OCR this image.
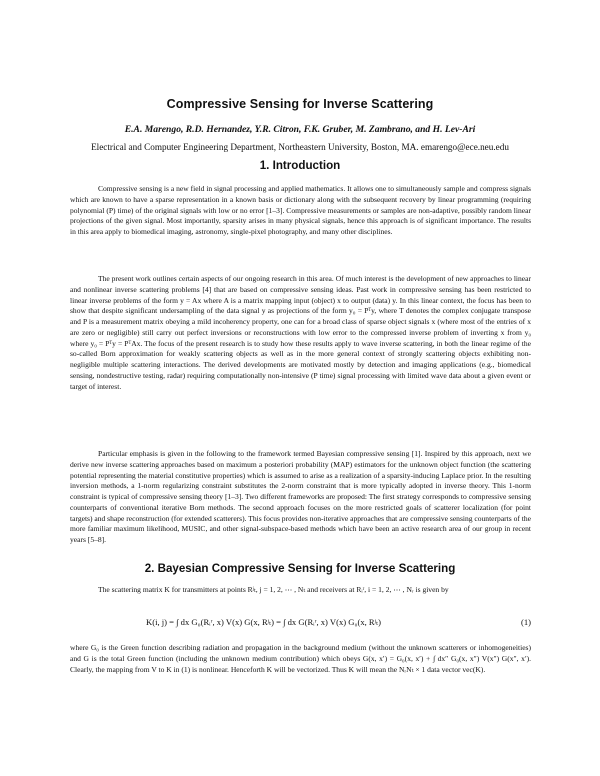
Compressive Sensing for Inverse Scattering
E.A. Marengo, R.D. Hernandez, Y.R. Citron, F.K. Gruber, M. Zambrano, and H. Lev-Ari
Electrical and Computer Engineering Department, Northeastern University, Boston, MA. emarengo@ece.neu.edu
1. Introduction

Compressive sensing is a new field in signal processing and applied mathematics. It allows one to simultaneously sample and compress signals which are known to have a sparse representation in a known basis or dictionary along with the subsequent recovery by linear programming (requiring polynomial (P) time) of the original signals with low or no error [1–3]. Compressive measurements or samples are non-adaptive, possibly random linear projections of the given signal. Most importantly, sparsity arises in many physical signals, hence this approach is of significant importance. The results in this area apply to biomedical imaging, astronomy, single-pixel photography, and many other disciplines.

The present work outlines certain aspects of our ongoing research in this area. Of much interest is the development of new approaches to linear and nonlinear inverse scattering problems [4] that are based on compressive sensing ideas. Past work in compressive sensing has been restricted to linear inverse problems of the form y = Ax where A is a matrix mapping input (object) x to output (data) y. In this linear context, the focus has been to show that despite significant undersampling of the data signal y as projections of the form y₀ = Pᵀy, where T denotes the complex conjugate transpose and P is a measurement matrix obeying a mild incoherency property, one can for a broad class of sparse object signals x (where most of the entries of x are zero or negligible) still carry out perfect inversions or reconstructions with low error to the compressed inverse problem of inverting x from y₀ where y₀ = Pᵀy = PᵀAx. The focus of the present research is to study how these results apply to wave inverse scattering, in both the linear regime of the so-called Born approximation for weakly scattering objects as well as in the more general context of strongly scattering objects exhibiting non-negligible multiple scattering interactions. The derived developments are motivated mostly by detection and imaging applications (e.g., biomedical sensing, nondestructive testing, radar) requiring computationally non-intensive (P time) signal processing with limited wave data about a given event or target of interest.

Particular emphasis is given in the following to the framework termed Bayesian compressive sensing [1]. Inspired by this approach, next we derive new inverse scattering approaches based on maximum a posteriori probability (MAP) estimators for the unknown object function (the scattering potential representing the material constitutive properties) which is assumed to arise as a realization of a sparsity-inducing Laplace prior. In the resulting inversion methods, a 1-norm regularizing constraint substitutes the 2-norm constraint that is more typically adopted in inverse theory. This 1-norm constraint is typical of compressive sensing theory [1–3]. Two different frameworks are proposed: The first strategy corresponds to compressive sensing counterparts of conventional iterative Born methods. The second approach focuses on the more restricted goals of scatterer localization (for point targets) and shape reconstruction (for extended scatterers). This focus provides non-iterative approaches that are compressive sensing counterparts of the more familiar maximum likelihood, MUSIC, and other signal-subspace-based methods which have been an active research area of our group in recent years [5–8].

2. Bayesian Compressive Sensing for Inverse Scattering

The scattering matrix K for transmitters at points Rʲₜ, j = 1, 2, ⋯ , Nₜ and receivers at Rᵢʳ, i = 1, 2, ⋯ , Nᵣ is given by

K(i, j) = ∫ dx G₀(Rᵢʳ, x) V(x) G(x, Rʲₜ) = ∫ dx G(Rᵢʳ, x) V(x) G₀(x, Rʲₜ)	(1)

where G₀ is the Green function describing radiation and propagation in the background medium (without the unknown scatterers or inhomogeneities) and G is the total Green function (including the unknown medium contribution) which obeys G(x, x′) = G₀(x, x′) + ∫ dx″ G₀(x, x″) V(x″) G(x″, x′). Clearly, the mapping from V to K in (1) is nonlinear. Henceforth K will be vectorized. Thus K will mean the NᵣNₜ × 1 data vector vec(K).
